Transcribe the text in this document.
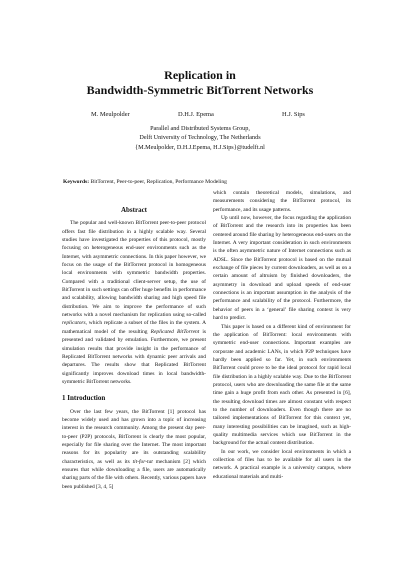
Replication in
Bandwidth-Symmetric BitTorrent Networks
M. Meulpolder	D.H.J. Epema	H.J. Sips
Parallel and Distributed Systems Group,
Delft University of Technology, The Netherlands
{M.Meulpolder, D.H.J.Epema, H.J.Sips}@tudelft.nl
Keywords: BitTorrent, Peer-to-peer, Replication, Performance Modeling
Abstract

The popular and well-known BitTorrent peer-to-peer protocol offers fast file distribution in a highly scalable way. Several studies have investigated the properties of this protocol, mostly focusing on heterogeneous end-user environments such as the Internet, with asymmetric connections. In this paper however, we focus on the usage of the BitTorrent protocol in homogeneous local environments with symmetric bandwidth properties. Compared with a traditional client-server setup, the use of BitTorrent in such settings can offer huge benefits in performance and scalability, allowing bandwidth sharing and high speed file distribution. We aim to improve the performance of such networks with a novel mechanism for replication using so-called replicators, which replicate a subset of the files in the system. A mathematical model of the resulting Replicated BitTorrent is presented and validated by emulation. Furthermore, we present simulation results that provide insight in the performance of Replicated BitTorrent networks with dynamic peer arrivals and departures. The results show that Replicated BitTorrent significantly improves download times in local bandwidth-symmetric BitTorrent networks.

1 Introduction

Over the last few years, the BitTorrent [1] protocol has become widely used and has grown into a topic of increasing interest in the research community. Among the present day peer-to-peer (P2P) protocols, BitTorrent is clearly the most popular, especially for file sharing over the Internet. The most important reasons for its popularity are its outstanding scalability characteristics, as well as its tit-for-tat mechanism [2] which ensures that while downloading a file, users are automatically sharing parts of the file with others. Recently, various papers have been published [3, 4, 5]

which contain theoretical models, simulations, and measurements considering the BitTorrent protocol, its performance, and its usage patterns.

Up until now, however, the focus regarding the application of BitTorrent and the research into its properties has been centered around file sharing by heterogeneous end-users on the Internet. A very important consideration in such environments is the often asymmetric nature of Internet connections such as ADSL. Since the BitTorrent protocol is based on the mutual exchange of file pieces by current downloaders, as well as on a certain amount of altruism by finished downloaders, the asymmetry in download and upload speeds of end-user connections is an important assumption in the analysis of the performance and scalability of the protocol. Furthermore, the behavior of peers in a ‘general’ file sharing context is very hard to predict.

This paper is based on a different kind of environment for the application of BitTorrent: local environments with symmetric end-user connections. Important examples are corporate and academic LANs, in which P2P techniques have hardly been applied so far. Yet, in such environments BitTorrent could prove to be the ideal protocol for rapid local file distribution in a highly scalable way. Due to the BitTorrent protocol, users who are downloading the same file at the same time gain a huge profit from each other. As presented in [6], the resulting download times are almost constant with respect to the number of downloaders. Even though there are no tailored implementations of BitTorrent for this context yet, many interesting possibilities can be imagined, such as high-quality multimedia services which use BitTorrent in the background for the actual content distribution.

In our work, we consider local environments in which a collection of files has to be available for all users in the network. A practical example is a university campus, where educational materials and multi-
